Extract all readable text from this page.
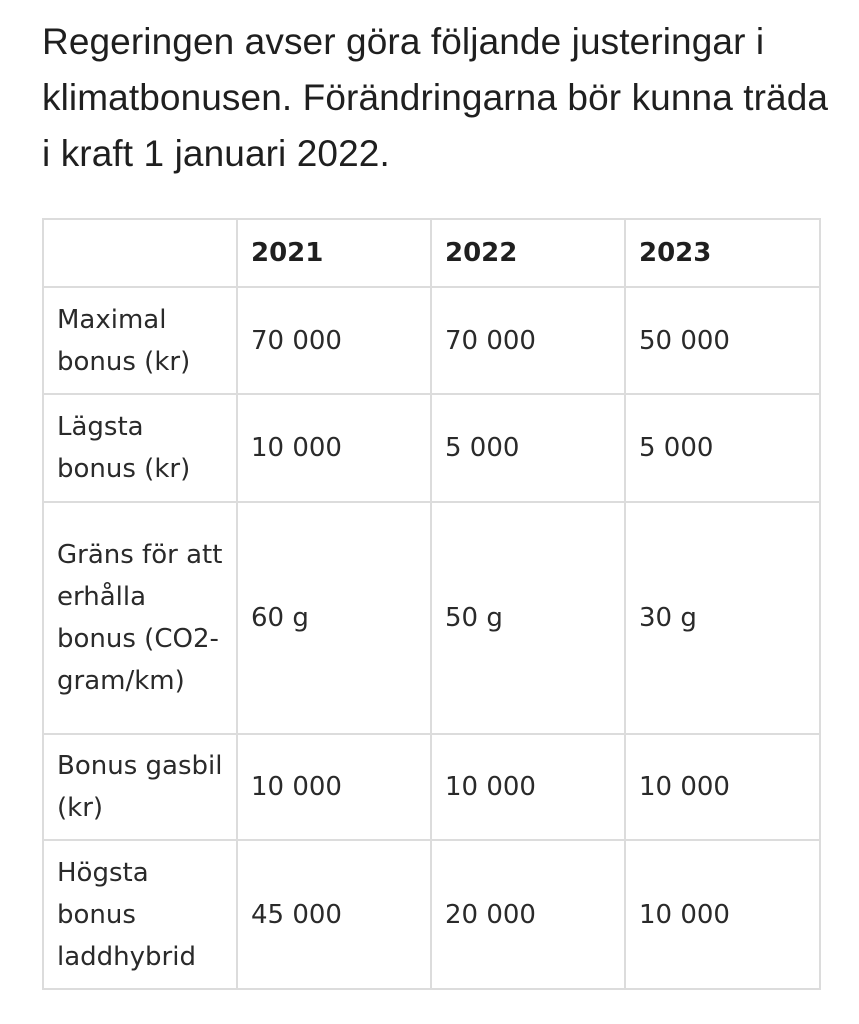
Regeringen avser göra följande justeringar i klimatbonusen. Förändringarna bör kunna träda i kraft 1 januari 2022.

	2021	2022	2023
Maximal bonus (kr)	70 000	70 000	50 000
Lägsta bonus (kr)	10 000	5 000	5 000
Gräns för att erhålla bonus (CO2-gram/km)	60 g	50 g	30 g
Bonus gasbil (kr)	10 000	10 000	10 000
Högsta bonus laddhybrid	45 000	20 000	10 000
